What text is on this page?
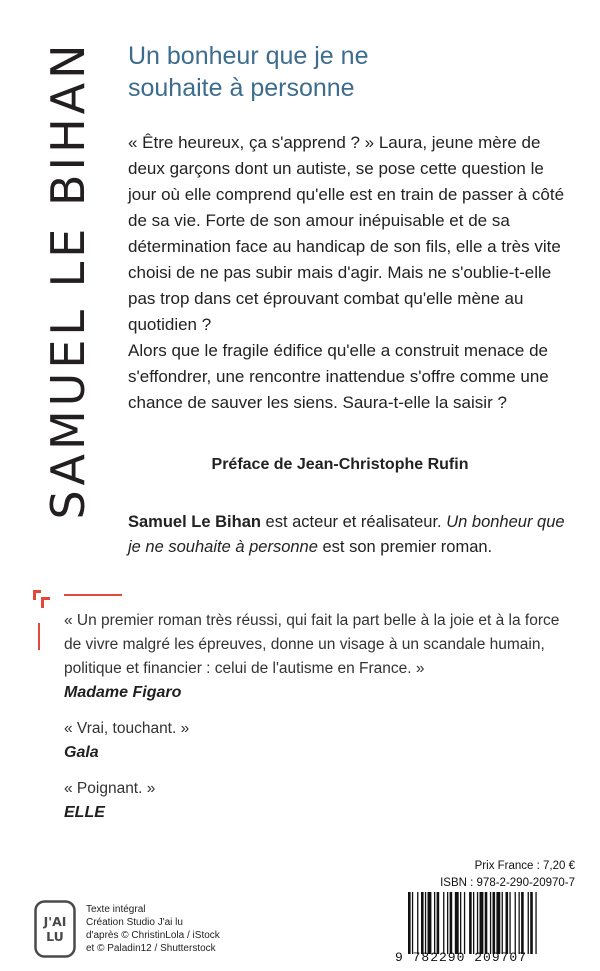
SAMUEL LE BIHAN Un bonheur que je ne
souhaite à personne

« Être heureux, ça s'apprend ? » Laura, jeune mère de deux garçons dont un autiste, se pose cette question le jour où elle comprend qu'elle est en train de passer à côté de sa vie. Forte de son amour inépuisable et de sa détermination face au handicap de son fils, elle a très vite choisi de ne pas subir mais d'agir. Mais ne s'oublie-t-elle pas trop dans cet éprouvant combat qu'elle mène au quotidien ?

Alors que le fragile édifice qu'elle a construit menace de s'effondrer, une rencontre inattendue s'offre comme une chance de sauver les siens. Saura-t-elle la saisir ?

Préface de Jean-Christophe Rufin
Samuel Le Bihan est acteur et réalisateur. Un bonheur que je ne souhaite à personne est son premier roman.

« Un premier roman très réussi, qui fait la part belle à la joie et à la force de vivre malgré les épreuves, donne un visage à un scandale humain, politique et financier : celui de l'autisme en France. »

Madame Figaro

« Vrai, touchant. »

Gala

« Poignant. »

ELLE

Prix France : 7,20 €
ISBN : 978-2-290-20970-7
9 782290 209707
J'AI
LU
Texte intégral
Création Studio J'ai lu
d'après © ChristinLola / iStock
et © Paladin12 / Shutterstock
